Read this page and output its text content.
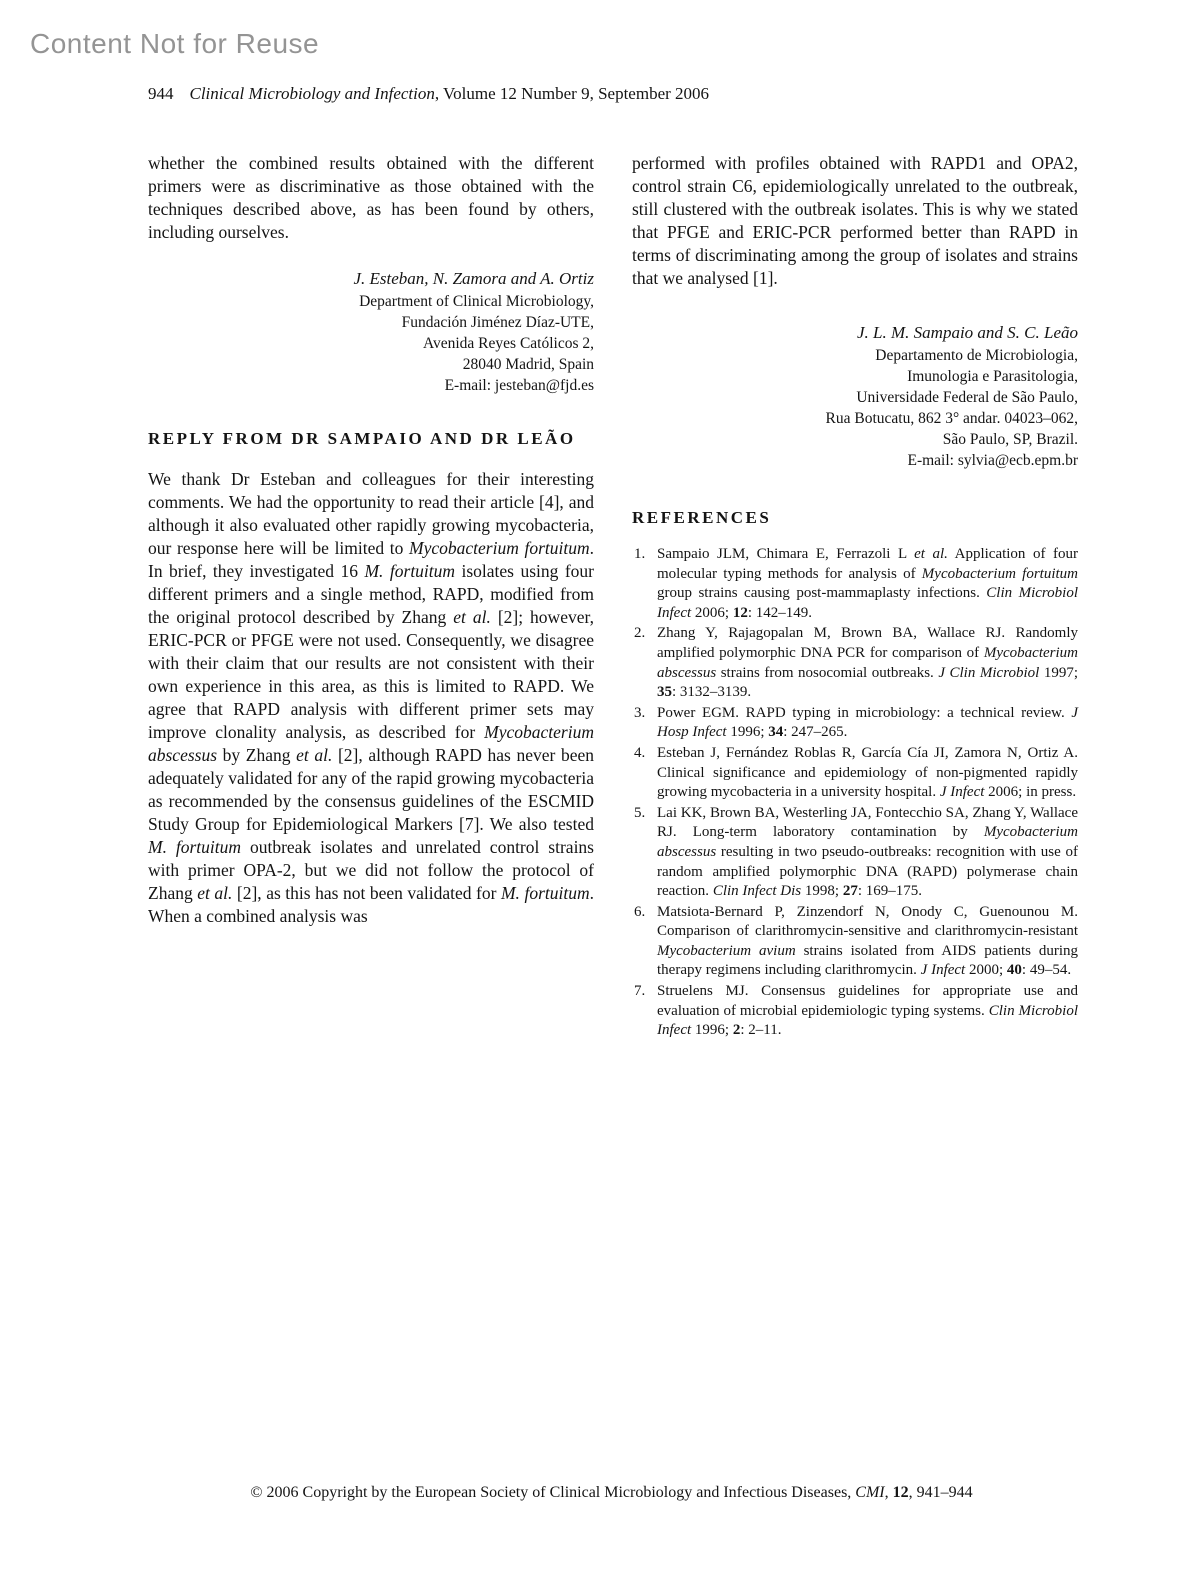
Content Not for Reuse
944 Clinical Microbiology and Infection, Volume 12 Number 9, September 2006

whether the combined results obtained with the different primers were as discriminative as those obtained with the techniques described above, as has been found by others, including ourselves.

J. Esteban, N. Zamora and A. Ortiz
Department of Clinical Microbiology,
Fundación Jiménez Díaz-UTE,
Avenida Reyes Católicos 2,
28040 Madrid, Spain
E-mail: jesteban@fjd.es
REPLY FROM DR SAMPAIO AND DR LEÃO

We thank Dr Esteban and colleagues for their interesting comments. We had the opportunity to read their article [4], and although it also evaluated other rapidly growing mycobacteria, our response here will be limited to Mycobacterium fortuitum. In brief, they investigated 16 M. fortuitum isolates using four different primers and a single method, RAPD, modified from the original protocol described by Zhang et al. [2]; however, ERIC-PCR or PFGE were not used. Consequently, we disagree with their claim that our results are not consistent with their own experience in this area, as this is limited to RAPD. We agree that RAPD analysis with different primer sets may improve clonality analysis, as described for Mycobacterium abscessus by Zhang et al. [2], although RAPD has never been adequately validated for any of the rapid growing mycobacteria as recommended by the consensus guidelines of the ESCMID Study Group for Epidemiological Markers [7]. We also tested M. fortuitum outbreak isolates and unrelated control strains with primer OPA-2, but we did not follow the protocol of Zhang et al. [2], as this has not been validated for M. fortuitum. When a combined analysis was

performed with profiles obtained with RAPD1 and OPA2, control strain C6, epidemiologically unrelated to the outbreak, still clustered with the outbreak isolates. This is why we stated that PFGE and ERIC-PCR performed better than RAPD in terms of discriminating among the group of isolates and strains that we analysed [1].

J. L. M. Sampaio and S. C. Leão
Departamento de Microbiologia,
Imunologia e Parasitologia,
Universidade Federal de São Paulo,
Rua Botucatu, 862 3° andar. 04023–062,
São Paulo, SP, Brazil.
E-mail: sylvia@ecb.epm.br
REFERENCES
1. Sampaio JLM, Chimara E, Ferrazoli L et al. Application of four molecular typing methods for analysis of Mycobacterium fortuitum group strains causing post-mammaplasty infections. Clin Microbiol Infect 2006; 12: 142–149.
2. Zhang Y, Rajagopalan M, Brown BA, Wallace RJ. Randomly amplified polymorphic DNA PCR for comparison of Mycobacterium abscessus strains from nosocomial outbreaks. J Clin Microbiol 1997; 35: 3132–3139.
3. Power EGM. RAPD typing in microbiology: a technical review. J Hosp Infect 1996; 34: 247–265.
4. Esteban J, Fernández Roblas R, García Cía JI, Zamora N, Ortiz A. Clinical significance and epidemiology of non-pigmented rapidly growing mycobacteria in a university hospital. J Infect 2006; in press.
5. Lai KK, Brown BA, Westerling JA, Fontecchio SA, Zhang Y, Wallace RJ. Long-term laboratory contamination by Mycobacterium abscessus resulting in two pseudo-outbreaks: recognition with use of random amplified polymorphic DNA (RAPD) polymerase chain reaction. Clin Infect Dis 1998; 27: 169–175.
6. Matsiota-Bernard P, Zinzendorf N, Onody C, Guenounou M. Comparison of clarithromycin-sensitive and clarithromycin-resistant Mycobacterium avium strains isolated from AIDS patients during therapy regimens including clarithromycin. J Infect 2000; 40: 49–54.
7. Struelens MJ. Consensus guidelines for appropriate use and evaluation of microbial epidemiologic typing systems. Clin Microbiol Infect 1996; 2: 2–11.
© 2006 Copyright by the European Society of Clinical Microbiology and Infectious Diseases, CMI, 12, 941–944
